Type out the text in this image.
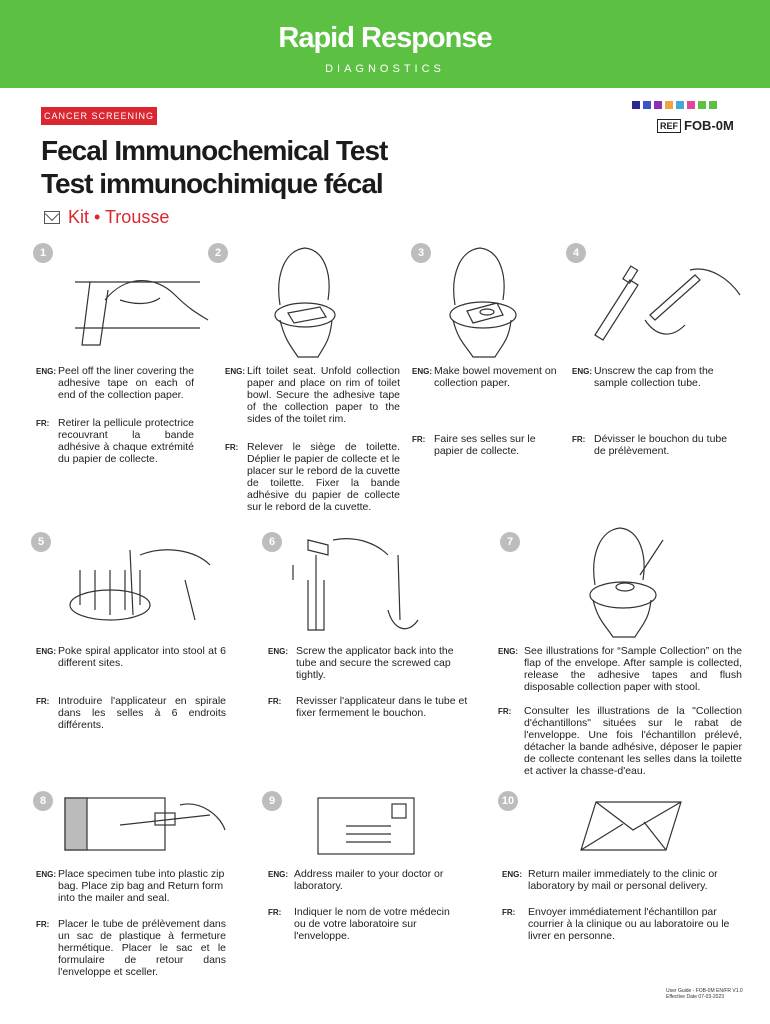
Rapid Response
DIAGNOSTICS
CANCER SCREENING
REF FOB-0M
Fecal Immunochemical Test
Test immunochimique fécal
Kit • Trousse
1	2	3	4
5	6	7
8	9	10
ENG: Peel off the liner covering the adhesive tape on each of end of the collection paper.
FR: Retirer la pellicule protectrice recouvrant la bande adhésive à chaque extrémité du papier de collecte.
ENG: Lift toilet seat. Unfold collection paper and place on rim of toilet bowl. Secure the adhesive tape of the collection paper to the sides of the toilet rim.
FR: Relever le siège de toilette. Déplier le papier de collecte et le placer sur le rebord de la cuvette de toilette. Fixer la bande adhésive du papier de collecte sur le rebord de la cuvette.
ENG: Make bowel movement on collection paper.
FR: Faire ses selles sur le papier de collecte.
ENG: Unscrew the cap from the sample collection tube.
FR: Dévisser le bouchon du tube de prélèvement.
ENG: Poke spiral applicator into stool at 6 different sites.
FR: Introduire l'applicateur en spirale dans les selles à 6 endroits différents.
ENG: Screw the applicator back into the tube and secure the screwed cap tightly.
FR:	Revisser l'applicateur dans le tube et fixer fermement le bouchon.
ENG: See illustrations for “Sample Collection” on the flap of the envelope. After sample is collected, release the adhesive tapes and flush disposable collection paper with stool.
FR:	Consulter les illustrations de la "Collection d'échantillons" situées sur le rabat de l'enveloppe. Une fois l'échantillon prélevé, détacher la bande adhésive, déposer le papier de collecte contenant les selles dans la toilette et activer la chasse-d'eau.
ENG: Place specimen tube into plastic zip bag. Place zip bag and Return form into the mailer and seal.
FR: Placer le tube de prélèvement dans un sac de plastique à fermeture hermétique. Placer le sac et le formulaire de retour dans l'enveloppe et sceller.
ENG: Address mailer to your doctor or laboratory.
FR:	Indiquer le nom de votre médecin ou de votre laboratoire sur l'enveloppe.
ENG: Return mailer immediately to the clinic or laboratory by mail or personal delivery.
FR:	Envoyer immédiatement l'échantillon par courrier à la clinique ou au laboratoire ou le livrer en personne.
User Guide - FOB-0M EN/FR V1.0
Effective Date 07-03-2023
